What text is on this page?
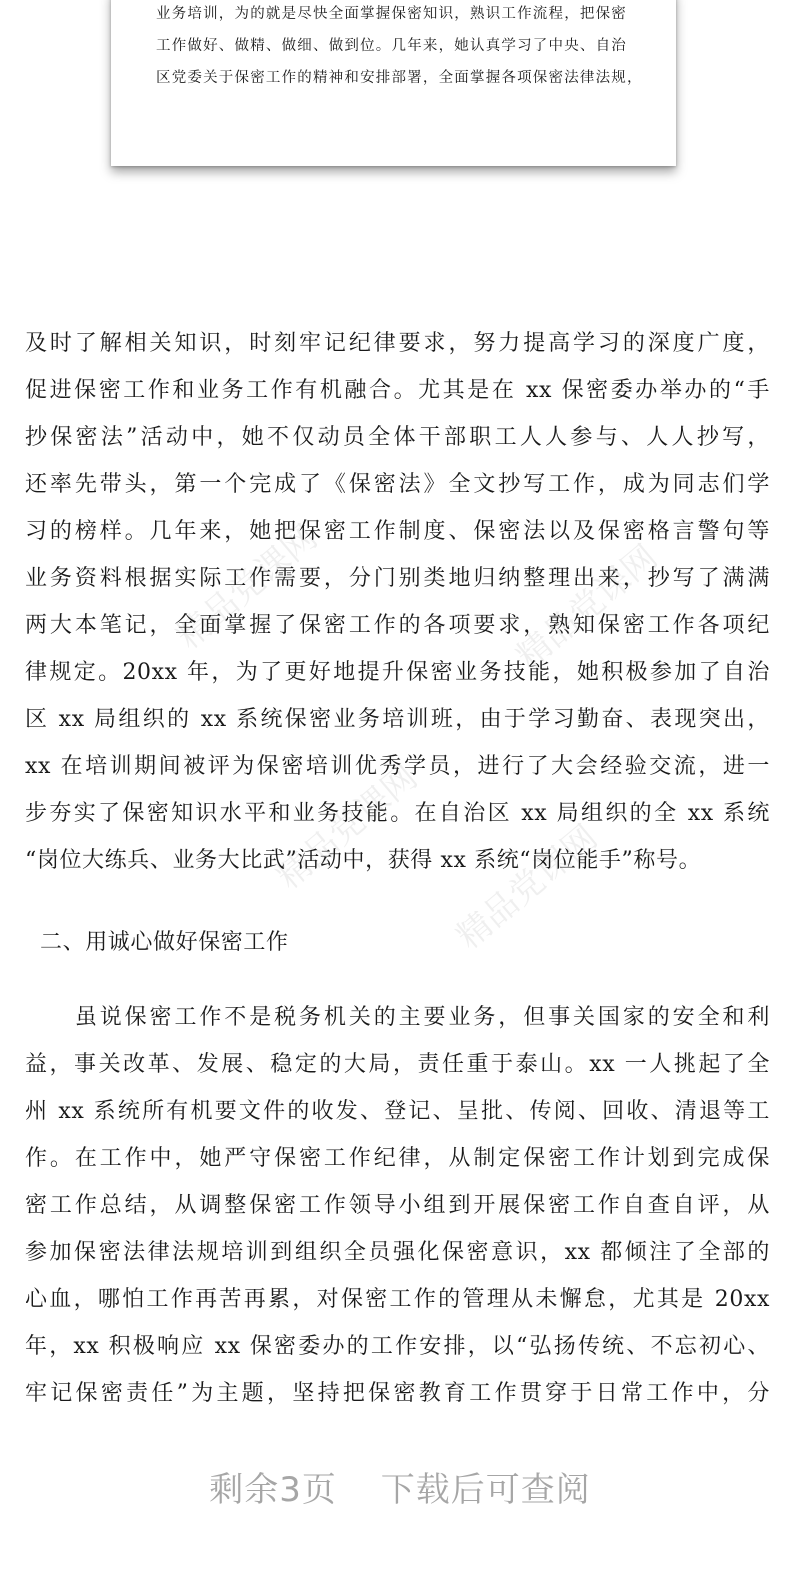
业务培训，为的就是尽快全面掌握保密知识，熟识工作流程，把保密
工作做好、做精、做细、做到位。几年来，她认真学习了中央、自治
区党委关于保密工作的精神和安排部署，全面掌握各项保密法律法规，
精品党课网	精品党课网
精品党课网 精品党课网
及时了解相关知识，时刻牢记纪律要求，努力提高学习的深度广度，
促进保密工作和业务工作有机融合。尤其是在 xx 保密委办举办的“手
抄保密法”活动中，她不仅动员全体干部职工人人参与、人人抄写，
还率先带头，第一个完成了《保密法》全文抄写工作，成为同志们学
习的榜样。几年来，她把保密工作制度、保密法以及保密格言警句等
业务资料根据实际工作需要，分门别类地归纳整理出来，抄写了满满
两大本笔记，全面掌握了保密工作的各项要求，熟知保密工作各项纪
律规定。20xx 年，为了更好地提升保密业务技能，她积极参加了自治
区 xx 局组织的 xx 系统保密业务培训班，由于学习勤奋、表现突出，
xx 在培训期间被评为保密培训优秀学员，进行了大会经验交流，进一
步夯实了保密知识水平和业务技能。在自治区 xx 局组织的全 xx 系统
“岗位大练兵、业务大比武”活动中，获得 xx 系统“岗位能手”称号。
二、用诚心做好保密工作
　　虽说保密工作不是税务机关的主要业务，但事关国家的安全和利
益，事关改革、发展、稳定的大局，责任重于泰山。xx 一人挑起了全
州 xx 系统所有机要文件的收发、登记、呈批、传阅、回收、清退等工
作。在工作中，她严守保密工作纪律，从制定保密工作计划到完成保
密工作总结，从调整保密工作领导小组到开展保密工作自查自评，从
参加保密法律法规培训到组织全员强化保密意识，xx 都倾注了全部的
心血，哪怕工作再苦再累，对保密工作的管理从未懈怠，尤其是 20xx
年，xx 积极响应 xx 保密委办的工作安排，以“弘扬传统、不忘初心、
牢记保密责任”为主题，坚持把保密教育工作贯穿于日常工作中，分
剩余3页 下载后可查阅
